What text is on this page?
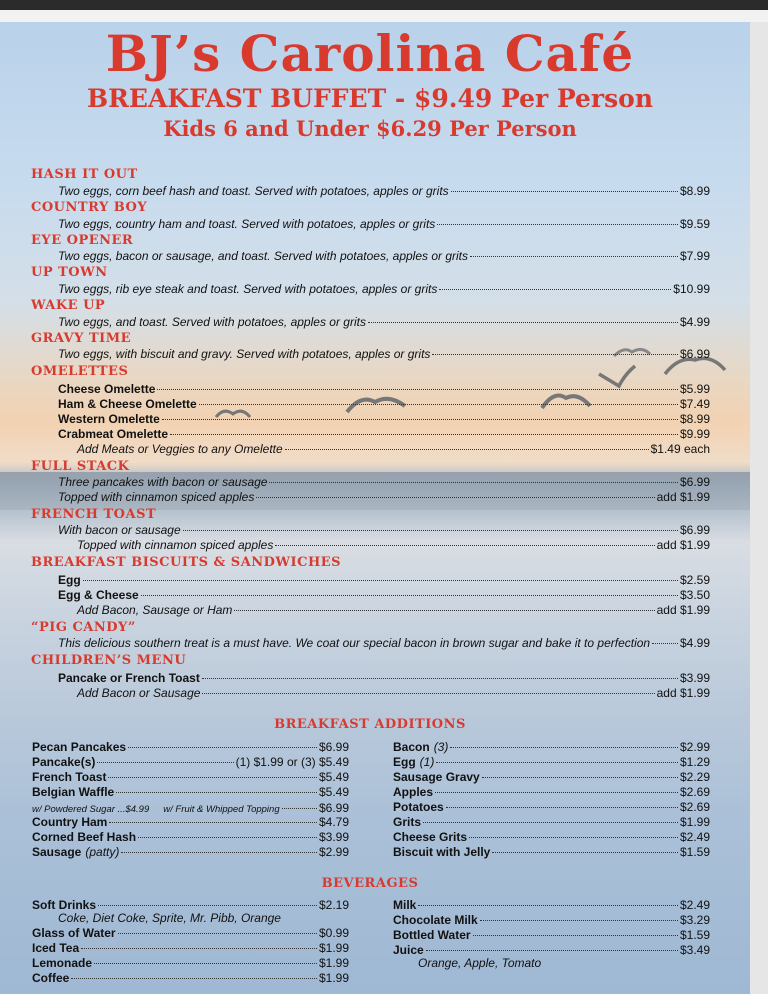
BJ’s Carolina Café
BREAKFAST BUFFET - $9.49 Per Person
Kids 6 and Under $6.29 Per Person
HASH IT OUT
Two eggs, corn beef hash and toast. Served with potatoes, apples or grits	$8.99
COUNTRY BOY
Two eggs, country ham and toast. Served with potatoes, apples or grits	$9.59
EYE OPENER
Two eggs, bacon or sausage, and toast. Served with potatoes, apples or grits	$7.99
UP TOWN
Two eggs, rib eye steak and toast. Served with potatoes, apples or grits	$10.99
WAKE UP
Two eggs, and toast. Served with potatoes, apples or grits	$4.99
GRAVY TIME
Two eggs, with biscuit and gravy. Served with potatoes, apples or grits	$6.99
OMELETTES
Cheese Omelette	$5.99
Ham & Cheese Omelette	$7.49
Western Omelette	$8.99
Crabmeat Omelette	$9.99
Add Meats or Veggies to any Omelette	$1.49 each
FULL STACK
Three pancakes with bacon or sausage	$6.99
Topped with cinnamon spiced apples	add $1.99
FRENCH TOAST
With bacon or sausage	$6.99
Topped with cinnamon spiced apples	add $1.99
BREAKFAST BISCUITS & SANDWICHES
Egg	$2.59
Egg & Cheese	$3.50
Add Bacon, Sausage or Ham	add $1.99
“PIG CANDY”
This delicious southern treat is a must have. We coat our special bacon in brown sugar and bake it to perfection $4.99
CHILDREN’S MENU
Pancake or French Toast	$3.99
Add Bacon or Sausage	add $1.99
BREAKFAST ADDITIONS
Pecan Pancakes	$6.99
Pancake(s)	(1) $1.99 or (3) $5.49
French Toast	$5.49
Belgian Waffle	$5.49
w/ Powdered Sugar ...$4.99 w/ Fruit & Whipped Topping	$6.99
Country Ham	$4.79
Corned Beef Hash	$3.99
Sausage (patty)	$2.99
Bacon (3)	$2.99
Egg (1)	$1.29
Sausage Gravy	$2.29
Apples	$2.69
Potatoes	$2.69
Grits	$1.99
Cheese Grits	$2.49
Biscuit with Jelly	$1.59
BEVERAGES
Soft Drinks	$2.19
Coke, Diet Coke, Sprite, Mr. Pibb, Orange
Glass of Water	$0.99
Iced Tea	$1.99
Lemonade	$1.99
Coffee	$1.99
Milk	$2.49
Chocolate Milk	$3.29
Bottled Water	$1.59
Juice	$3.49
Orange, Apple, Tomato
